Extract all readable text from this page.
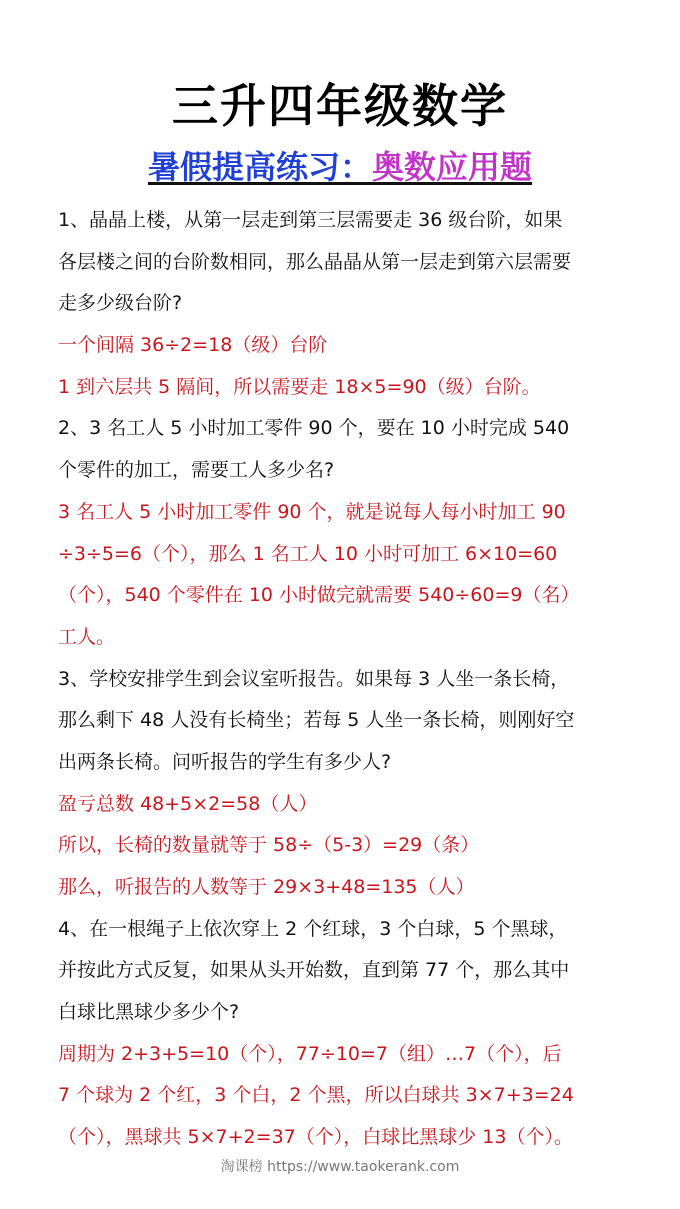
三升四年级数学
暑假提高练习：奥数应用题
1、晶晶上楼，从第一层走到第三层需要走 36 级台阶，如果
各层楼之间的台阶数相同，那么晶晶从第一层走到第六层需要
走多少级台阶?
一个间隔 36÷2=18（级）台阶
1 到六层共 5 隔间，所以需要走 18×5=90（级）台阶。
2、3 名工人 5 小时加工零件 90 个，要在 10 小时完成 540
个零件的加工，需要工人多少名?
3 名工人 5 小时加工零件 90 个，就是说每人每小时加工 90
÷3÷5=6（个），那么 1 名工人 10 小时可加工 6×10=60
（个），540 个零件在 10 小时做完就需要 540÷60=9（名）
工人。
3、学校安排学生到会议室听报告。如果每 3 人坐一条长椅，
那么剩下 48 人没有长椅坐；若每 5 人坐一条长椅，则刚好空
出两条长椅。问听报告的学生有多少人?
盈亏总数 48+5×2=58（人）
所以，长椅的数量就等于 58÷（5-3）=29（条）
那么，听报告的人数等于 29×3+48=135（人）
4、在一根绳子上依次穿上 2 个红球，3 个白球，5 个黑球，
并按此方式反复，如果从头开始数，直到第 77 个，那么其中
白球比黑球少多少个?
周期为 2+3+5=10（个），77÷10=7（组）…7（个），后
7 个球为 2 个红，3 个白，2 个黑，所以白球共 3×7+3=24
（个），黑球共 5×7+2=37（个），白球比黑球少 13（个）。
淘课榜 https://www.taokerank.com
